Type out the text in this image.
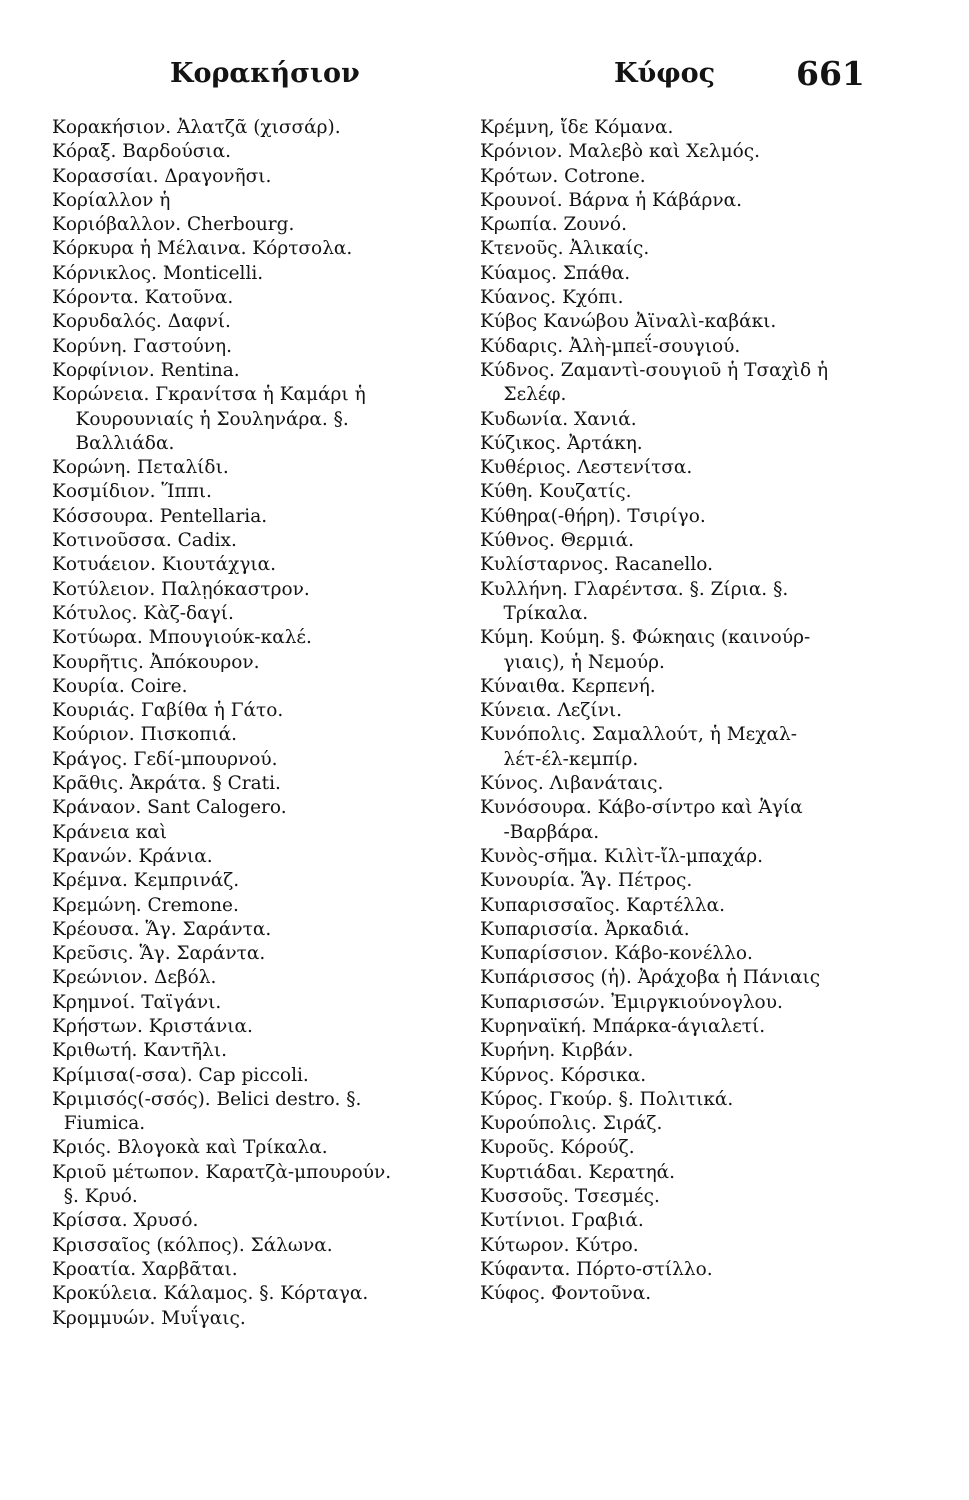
Κορακήσιον	Κύφος 661
Κορακήσιον. Ἀλατζᾶ (χισσάρ).
Κόραξ. Βαρδούσια.
Κορασσίαι. Δραγονῆσι.
Κορίαλλον ἡ
Κοριόβαλλον. Cherbourg.
Κόρκυρα ἡ Μέλαινα. Κόρτσολα.
Κόρνικλος. Monticelli.
Κόροντα. Κατοῦνα.
Κορυδαλός. Δαφνί.
Κορύνη. Γαστούνη.
Κορφίνιον. Rentina.
Κορώνεια. Γκρανίτσα ἡ Καμάρι ἡ
Κουρουνιαίς ἡ Σουληνάρα. §.
Βαλλιάδα.
Κορώνη. Πεταλίδι.
Κοσμίδιον. Ἵππι.
Κόσσουρα. Pentellaria.
Κοτινοῦσσα. Cadix.
Κοτυάειον. Κιουτάχγια.
Κοτύλειον. Παλῃόκαστρον.
Κότυλος. Κὰζ-δαγί.
Κοτύωρα. Μπουγιούκ-καλέ.
Κουρῆτις. Ἀπόκουρον.
Κουρία. Coire.
Κουριάς. Γαβίθα ἡ Γάτο.
Κούριον. Πισκοπιά.
Κράγος. Γεδί-μπουρνού.
Κρᾶθις. Ἀκράτα. § Crati.
Κράναον. Sant Calogero.
Κράνεια καὶ
Κρανών. Κράνια.
Κρέμνα. Κεμπρινάζ.
Κρεμώνη. Cremone.
Κρέουσα. Ἅγ. Σαράντα.
Κρεῦσις. Ἅγ. Σαράντα.
Κρεώνιον. Δεβόλ.
Κρημνοί. Ταϊγάνι.
Κρήστων. Κριστάνια.
Κριθωτή. Καντῆλι.
Κρίμισα(-σσα). Cap piccoli.
Κριμισός(-σσός). Belici destro. §.
Fiumica.
Κριός. Βλογοκὰ καὶ Τρίκαλα.
Κριοῦ μέτωπον. Καρατζὰ-μπουρούν.
§. Κρυό.
Κρίσσα. Χρυσό.
Κρισσαῖος (κόλπος). Σάλωνα.
Κροατία. Χαρβᾶται.
Κροκύλεια. Κάλαμος. §. Κόρταγα.
Κρομμυών. Μυΐγαις.
Κρέμνη, ἴδε Κόμανα.
Κρόνιον. Μαλεβὸ καὶ Χελμός.
Κρότων. Cotrone.
Κρουνοί. Βάρνα ἡ Κάβάρνα.
Κρωπία. Ζουνό.
Κτενοῦς. Ἀλικαίς.
Κύαμος. Σπάθα.
Κύανος. Κχόπι.
Κύβος Κανώβου Ἀϊναλὶ-καβάκι.
Κύδαρις. Ἀλὴ-μπεΐ-σουγιού.
Κύδνος. Ζαμαντὶ-σουγιοῦ ἡ Τσαχὶδ ἡ
Σελέφ.
Κυδωνία. Χανιά.
Κύζικος. Ἀρτάκη.
Κυθέριος. Λεστενίτσα.
Κύθη. Κουζατίς.
Κύθηρα(-θήρη). Τσιρίγο.
Κύθνος. Θερμιά.
Κυλίσταρνος. Racanello.
Κυλλήνη. Γλαρέντσα. §. Ζίρια. §.
Τρίκαλα.
Κύμη. Κούμη. §. Φώκηαις (καινούρ-
γιαις), ἡ Νεμούρ.
Κύναιθα. Κερπενή.
Κύνεια. Λεζίνι.
Κυνόπολις. Σαμαλλούτ, ἡ Μεχαλ-
λέτ-έλ-κεμπίρ.
Κύνος. Λιβανάταις.
Κυνόσουρα. Κάβο-σίντρο καὶ Ἁγία
-Βαρβάρα.
Κυνὸς-σῆμα. Κιλὶτ-ἴλ-μπαχάρ.
Κυνουρία. Ἅγ. Πέτρος.
Κυπαρισσαῖος. Καρτέλλα.
Κυπαρισσία. Ἀρκαδιά.
Κυπαρίσσιον. Κάβο-κονέλλο.
Κυπάρισσος (ἡ). Ἀράχοβα ἡ Πάνιαις
Κυπαρισσών. Ἐμιργκιούνογλου.
Κυρηναϊκή. Μπάρκα-άγιαλετί.
Κυρήνη. Κιρβάν.
Κύρνος. Κόρσικα.
Κύρος. Γκούρ. §. Πολιτικά.
Κυρούπολις. Σιράζ.
Κυροῦς. Κόρούζ.
Κυρτιάδαι. Κερατηά.
Κυσσοῦς. Τσεσμές.
Κυτίνιοι. Γραβιά.
Κύτωρον. Κύτρο.
Κύφαντα. Πόρτο-στίλλο.
Κύφος. Φοντοῦνα.
